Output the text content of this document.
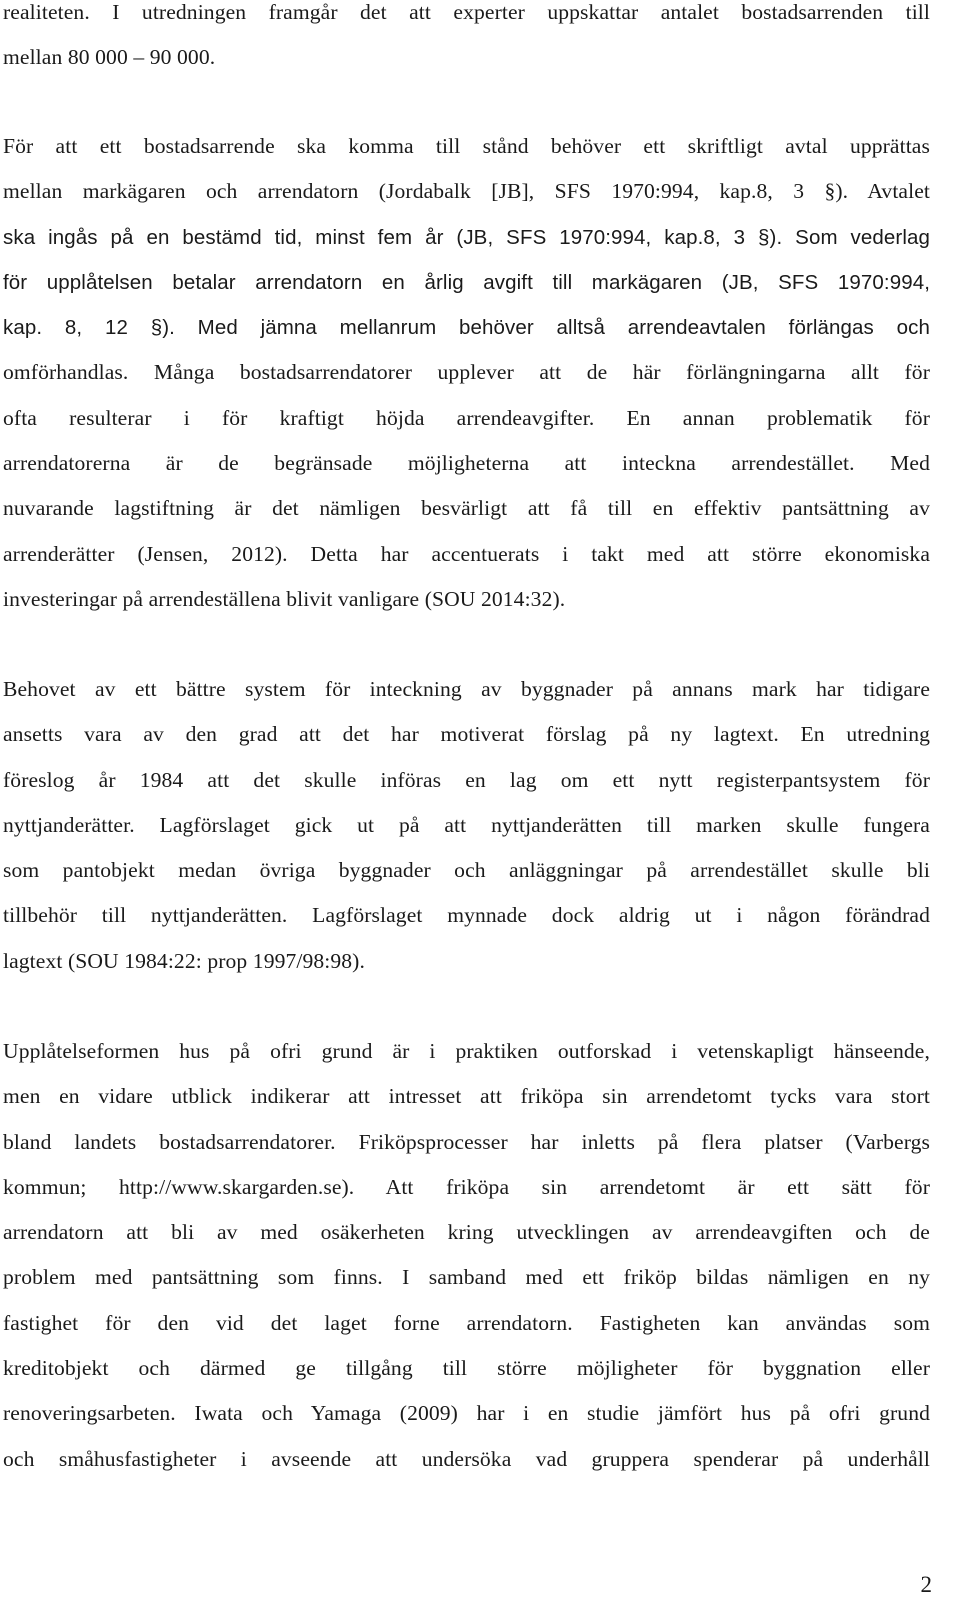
realiteten. I utredningen framgår det att experter uppskattar antalet bostadsarrenden till
mellan 80 000 – 90 000.

För att ett bostadsarrende ska komma till stånd behöver ett skriftligt avtal upprättas
mellan markägaren och arrendatorn (Jordabalk [JB], SFS 1970:994, kap.8, 3 §). Avtalet
ska ingås på en bestämd tid, minst fem år (JB, SFS 1970:994, kap.8, 3 §). Som vederlag
för upplåtelsen betalar arrendatorn en årlig avgift till markägaren (JB, SFS 1970:994,
kap. 8, 12 §). Med jämna mellanrum behöver alltså arrendeavtalen förlängas och
omförhandlas. Många bostadsarrendatorer upplever att de här förlängningarna allt för
ofta resulterar i för kraftigt höjda arrendeavgifter. En annan problematik för
arrendatorerna är de begränsade möjligheterna att inteckna arrendestället. Med
nuvarande lagstiftning är det nämligen besvärligt att få till en effektiv pantsättning av
arrenderätter (Jensen, 2012). Detta har accentuerats i takt med att större ekonomiska
investeringar på arrendeställena blivit vanligare (SOU 2014:32).

Behovet av ett bättre system för inteckning av byggnader på annans mark har tidigare
ansetts vara av den grad att det har motiverat förslag på ny lagtext. En utredning
föreslog år 1984 att det skulle införas en lag om ett nytt registerpantsystem för
nyttjanderätter. Lagförslaget gick ut på att nyttjanderätten till marken skulle fungera
som pantobjekt medan övriga byggnader och anläggningar på arrendestället skulle bli
tillbehör till nyttjanderätten. Lagförslaget mynnade dock aldrig ut i någon förändrad
lagtext (SOU 1984:22: prop 1997/98:98).

Upplåtelseformen hus på ofri grund är i praktiken outforskad i vetenskapligt hänseende,
men en vidare utblick indikerar att intresset att friköpa sin arrendetomt tycks vara stort
bland landets bostadsarrendatorer. Friköpsprocesser har inletts på flera platser (Varbergs
kommun; http://www.skargarden.se). Att friköpa sin arrendetomt är ett sätt för
arrendatorn att bli av med osäkerheten kring utvecklingen av arrendeavgiften och de
problem med pantsättning som finns. I samband med ett friköp bildas nämligen en ny
fastighet för den vid det laget forne arrendatorn. Fastigheten kan användas som
kreditobjekt och därmed ge tillgång till större möjligheter för byggnation eller
renoveringsarbeten. Iwata och Yamaga (2009) har i en studie jämfört hus på ofri grund
och småhusfastigheter i avseende att undersöka vad gruppera spenderar på underhåll

2
